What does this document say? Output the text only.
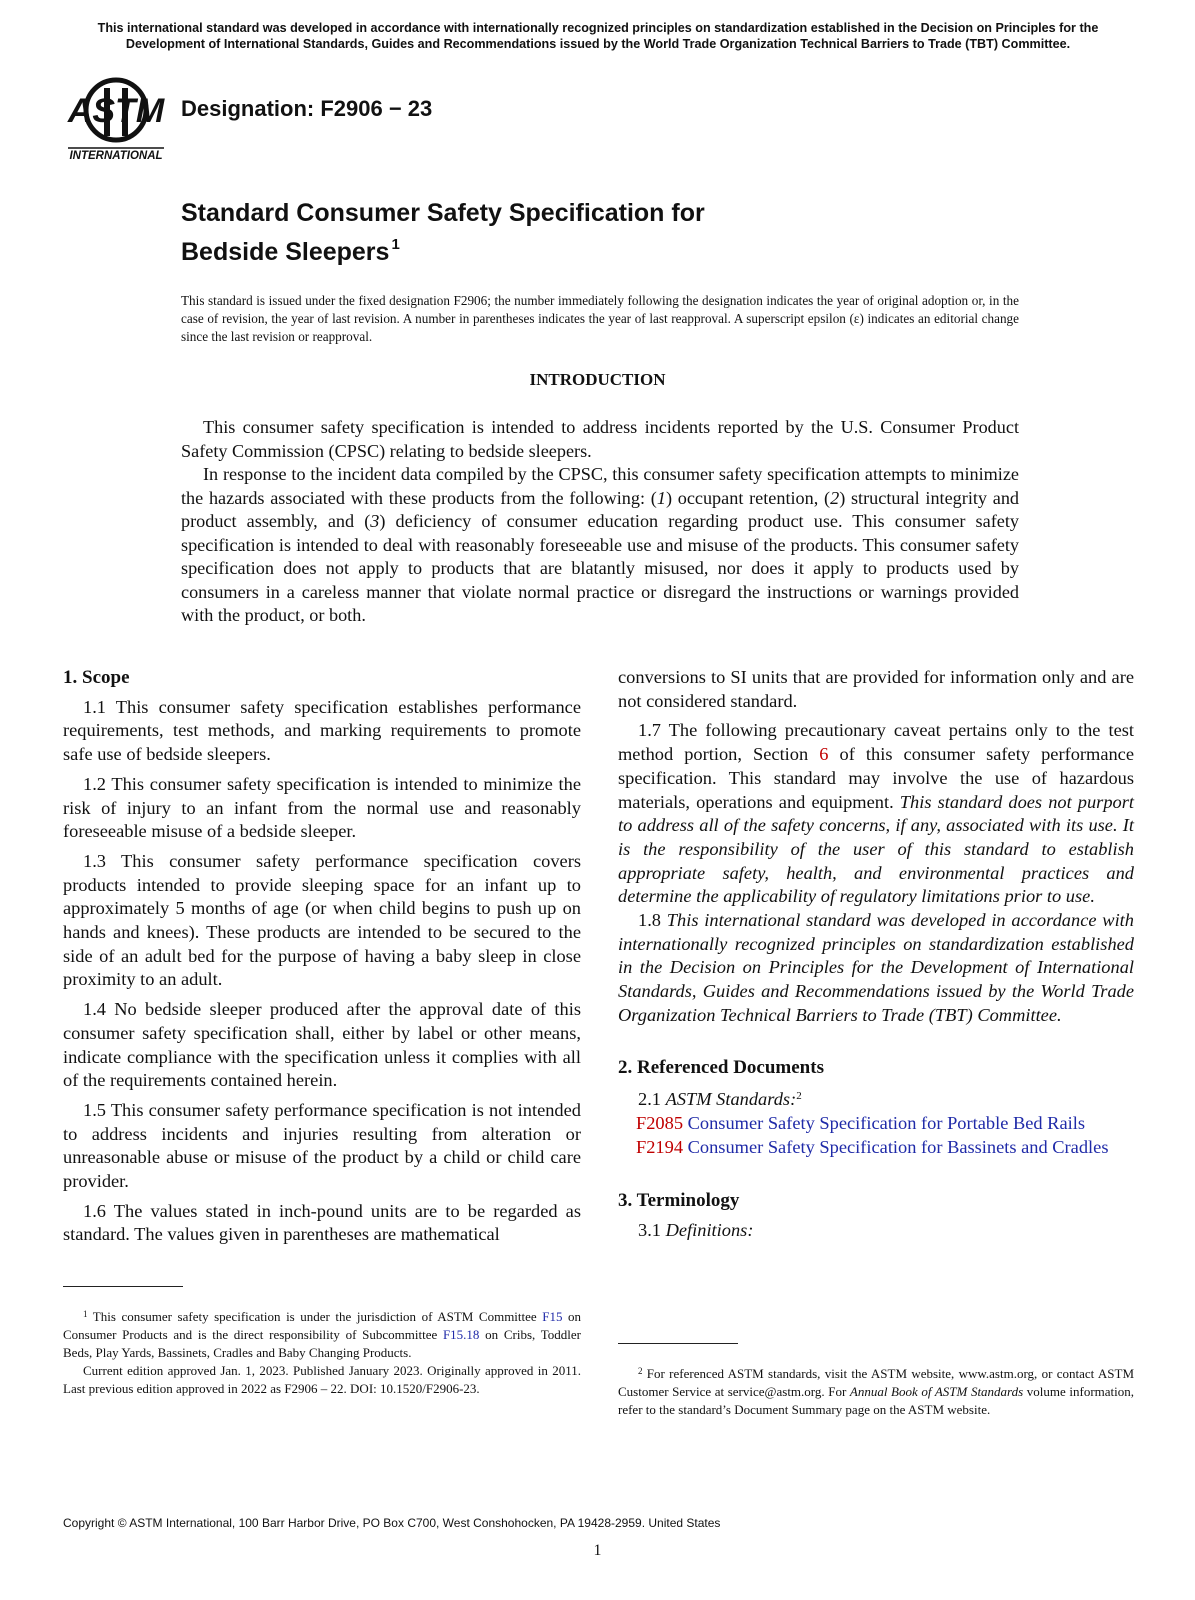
This international standard was developed in accordance with internationally recognized principles on standardization established in the Decision on Principles for the Development of International Standards, Guides and Recommendations issued by the World Trade Organization Technical Barriers to Trade (TBT) Committee.
ASTM
INTERNATIONAL
Designation: F2906 − 23
Standard Consumer Safety Specification for
Bedside Sleepers $^1$
This standard is issued under the fixed designation F2906; the number immediately following the designation indicates the year of original adoption or, in the case of revision, the year of last revision. A number in parentheses indicates the year of last reapproval. A superscript epsilon (ε) indicates an editorial change since the last revision or reapproval.
INTRODUCTION

This consumer safety specification is intended to address incidents reported by the U.S. Consumer Product Safety Commission (CPSC) relating to bedside sleepers.

In response to the incident data compiled by the CPSC, this consumer safety specification attempts to minimize the hazards associated with these products from the following: (1) occupant retention, (2) structural integrity and product assembly, and (3) deficiency of consumer education regarding product use. This consumer safety specification is intended to deal with reasonably foreseeable use and misuse of the products. This consumer safety specification does not apply to products that are blatantly misused, nor does it apply to products used by consumers in a careless manner that violate normal practice or disregard the instructions or warnings provided with the product, or both.

1. Scope

1.1 This consumer safety specification establishes performance requirements, test methods, and marking requirements to promote safe use of bedside sleepers.

1.2 This consumer safety specification is intended to minimize the risk of injury to an infant from the normal use and reasonably foreseeable misuse of a bedside sleeper.

1.3 This consumer safety performance specification covers products intended to provide sleeping space for an infant up to approximately 5 months of age (or when child begins to push up on hands and knees). These products are intended to be secured to the side of an adult bed for the purpose of having a baby sleep in close proximity to an adult.

1.4 No bedside sleeper produced after the approval date of this consumer safety specification shall, either by label or other means, indicate compliance with the specification unless it complies with all of the requirements contained herein.

1.5 This consumer safety performance specification is not intended to address incidents and injuries resulting from alteration or unreasonable abuse or misuse of the product by a child or child care provider.

1.6 The values stated in inch-pound units are to be regarded as standard. The values given in parentheses are mathematical

conversions to SI units that are provided for information only and are not considered standard.

1.7 The following precautionary caveat pertains only to the test method portion, Section 6 of this consumer safety performance specification. This standard may involve the use of hazardous materials, operations and equipment. This standard does not purport to address all of the safety concerns, if any, associated with its use. It is the responsibility of the user of this standard to establish appropriate safety, health, and environmental practices and determine the applicability of regulatory limitations prior to use.

1.8 This international standard was developed in accordance with internationally recognized principles on standardization established in the Decision on Principles for the Development of International Standards, Guides and Recommendations issued by the World Trade Organization Technical Barriers to Trade (TBT) Committee.

2. Referenced Documents

2.1 ASTM Standards:$^2$

F2085 Consumer Safety Specification for Portable Bed Rails

F2194 Consumer Safety Specification for Bassinets and Cradles

3. Terminology

3.1 Definitions:

$^1$ This consumer safety specification is under the jurisdiction of ASTM Committee F15 on Consumer Products and is the direct responsibility of Subcommittee F15.18 on Cribs, Toddler Beds, Play Yards, Bassinets, Cradles and Baby Changing Products.

Current edition approved Jan. 1, 2023. Published January 2023. Originally approved in 2011. Last previous edition approved in 2022 as F2906 – 22. DOI: 10.1520/F2906-23.

$^2$ For referenced ASTM standards, visit the ASTM website, www.astm.org, or contact ASTM Customer Service at service@astm.org. For Annual Book of ASTM Standards volume information, refer to the standard’s Document Summary page on the ASTM website.

Copyright © ASTM International, 100 Barr Harbor Drive, PO Box C700, West Conshohocken, PA 19428-2959. United States
1
